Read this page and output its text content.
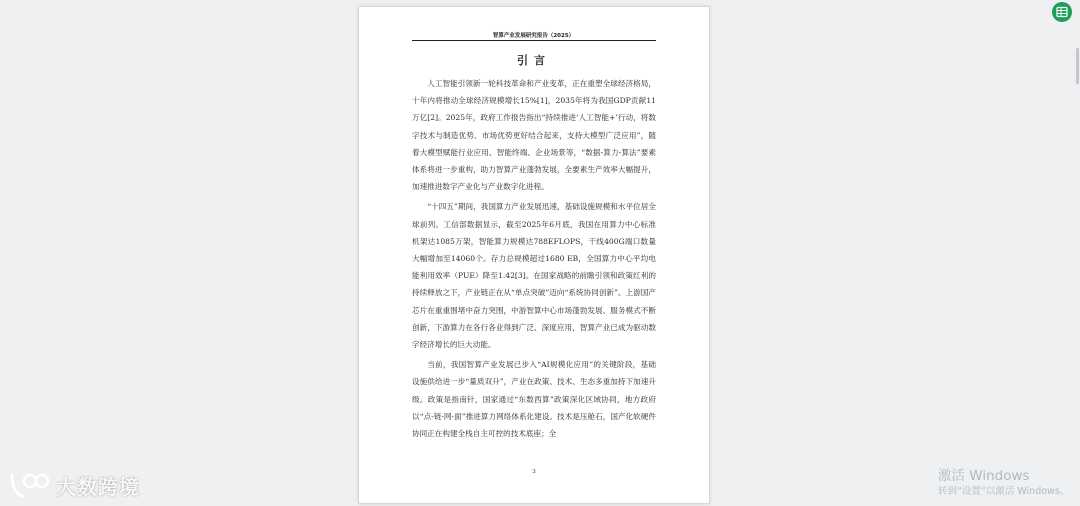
智算产业发展研究报告（2025）
引言

人工智能引领新一轮科技革命和产业变革，正在重塑全球经济格局，十年内将推动全球经济规模增长15%[1]，2035年将为我国GDP贡献11万亿[2]。2025年，政府工作报告指出“持续推进‘人工智能+’行动，将数字技术与制造优势、市场优势更好结合起来，支持大模型广泛应用”，随着大模型赋能行业应用、智能终端、企业场景等，“数据-算力-算法”要素体系将进一步重构，助力智算产业蓬勃发展，全要素生产效率大幅提升，加速推进数字产业化与产业数字化进程。

“十四五”期间，我国算力产业发展迅速，基础设施规模和水平位居全球前列。工信部数据显示，截至2025年6月底，我国在用算力中心标准机架达1085万架，智能算力规模达788EFLOPS，干线400G端口数量大幅增加至14060个。存力总规模超过1680 EB，全国算力中心平均电能利用效率（PUE）降至1.42[3]。在国家战略的前瞻引领和政策红利的持续释放之下，产业链正在从“单点突破”迈向“系统协同创新”。上游国产芯片在重重围堵中奋力突围，中游智算中心市场蓬勃发展、服务模式不断创新，下游算力在各行各业得到广泛、深度应用，智算产业已成为驱动数字经济增长的巨大动能。

当前，我国智算产业发展已步入“AI规模化应用”的关键阶段，基础设施供给进一步“量质双升”，产业在政策、技术、生态多重加持下加速升级。政策是指南针，国家通过“东数西算”政策深化区域协同，地方政府以“点-链-网-面”推进算力网络体系化建设。技术是压舱石，国产化软硬件协同正在构建全栈自主可控的技术底座；全

3
大数跨境	激活 Windows
转到“设置”以激活 Windows。
